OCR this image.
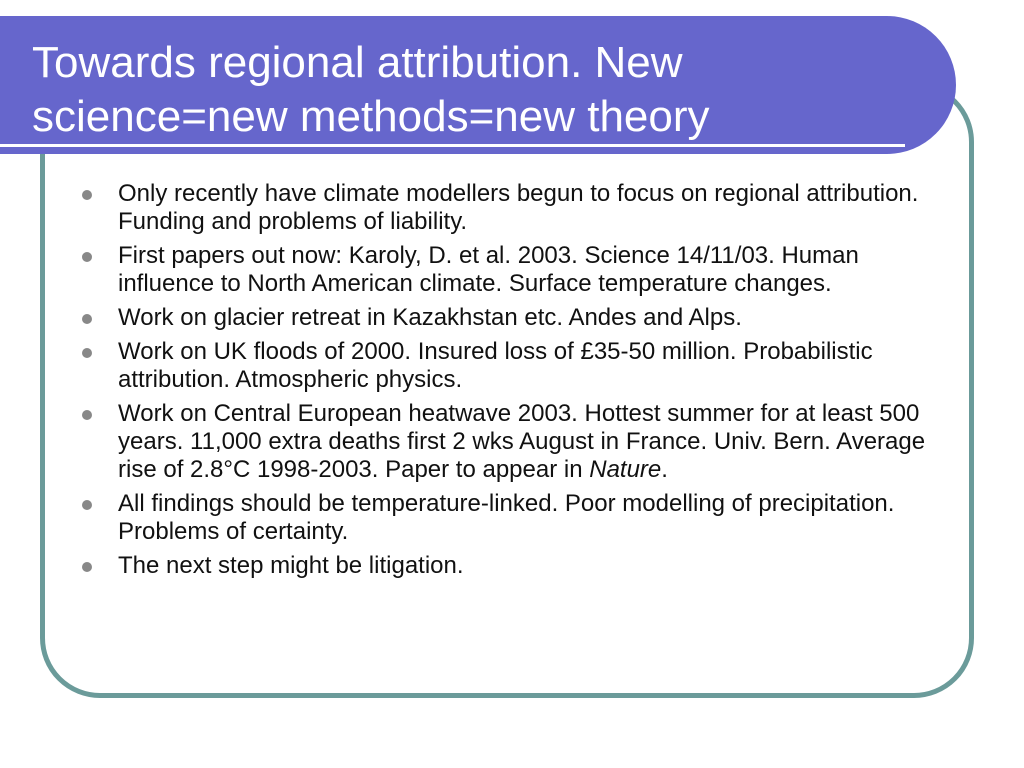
Towards regional attribution. New
science=new methods=new theory
Only recently have climate modellers begun to focus on regional attribution. Funding and problems of liability.
First papers out now: Karoly, D. et al. 2003. Science 14/11/03. Human influence to North American climate. Surface temperature changes.
Work on glacier retreat in Kazakhstan etc. Andes and Alps.
Work on UK floods of 2000. Insured loss of £35-50 million. Probabilistic attribution. Atmospheric physics.
Work on Central European heatwave 2003. Hottest summer for at least 500 years. 11,000 extra deaths first 2 wks August in France. Univ. Bern. Average rise of 2.8°C 1998-2003. Paper to appear in Nature.
All findings should be temperature-linked. Poor modelling of precipitation. Problems of certainty.
The next step might be litigation.
